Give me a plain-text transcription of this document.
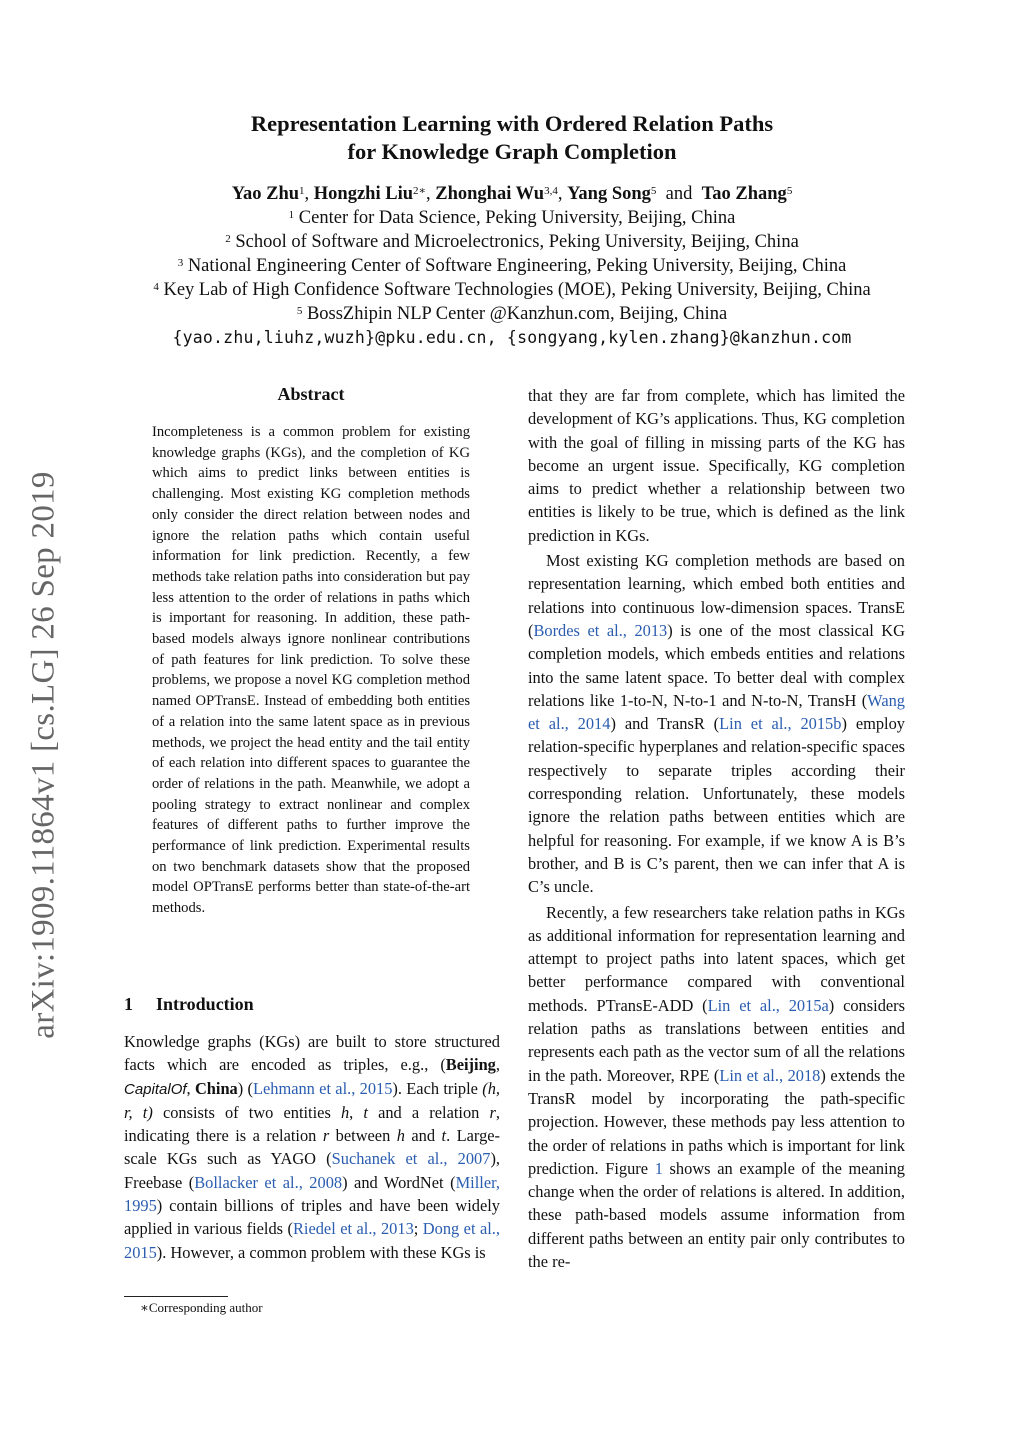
arXiv:1909.11864v1 [cs.LG] 26 Sep 2019
Representation Learning with Ordered Relation Paths
for Knowledge Graph Completion
Yao Zhu$^1$, Hongzhi Liu$^{2∗}$, Zhonghai Wu$^{3,4}$, Yang Song$^5$ and Tao Zhang$^5$
$^1$ Center for Data Science, Peking University, Beijing, China
$^2$ School of Software and Microelectronics, Peking University, Beijing, China
$^3$ National Engineering Center of Software Engineering, Peking University, Beijing, China
$^4$ Key Lab of High Confidence Software Technologies (MOE), Peking University, Beijing, China
$^5$ BossZhipin NLP Center @Kanzhun.com, Beijing, China
{yao.zhu,liuhz,wuzh}@pku.edu.cn, {songyang,kylen.zhang}@kanzhun.com
Abstract
Incompleteness is a common problem for existing knowledge graphs (KGs), and the completion of KG which aims to predict links between entities is challenging. Most existing KG completion methods only consider the direct relation between nodes and ignore the relation paths which contain useful information for link prediction. Recently, a few methods take relation paths into consideration but pay less attention to the order of relations in paths which is important for reasoning. In addition, these path-based models always ignore nonlinear contributions of path features for link prediction. To solve these problems, we propose a novel KG completion method named OPTransE. Instead of embedding both entities of a relation into the same latent space as in previous methods, we project the head entity and the tail entity of each relation into different spaces to guarantee the order of relations in the path. Meanwhile, we adopt a pooling strategy to extract nonlinear and complex features of different paths to further improve the performance of link prediction. Experimental results on two benchmark datasets show that the proposed model OPTransE performs better than state-of-the-art methods.
1 Introduction

Knowledge graphs (KGs) are built to store structured facts which are encoded as triples, e.g., (Beijing, CapitalOf, China) (Lehmann et al., 2015). Each triple (h, r, t) consists of two entities h, t and a relation r, indicating there is a relation r between h and t. Large-scale KGs such as YAGO (Suchanek et al., 2007), Freebase (Bollacker et al., 2008) and WordNet (Miller, 1995) contain billions of triples and have been widely applied in various fields (Riedel et al., 2013; Dong et al., 2015). However, a common problem with these KGs is

∗Corresponding author

that they are far from complete, which has limited the development of KG’s applications. Thus, KG completion with the goal of filling in missing parts of the KG has become an urgent issue. Specifically, KG completion aims to predict whether a relationship between two entities is likely to be true, which is defined as the link prediction in KGs.

Most existing KG completion methods are based on representation learning, which embed both entities and relations into continuous low-dimension spaces. TransE (Bordes et al., 2013) is one of the most classical KG completion models, which embeds entities and relations into the same latent space. To better deal with complex relations like 1-to-N, N-to-1 and N-to-N, TransH (Wang et al., 2014) and TransR (Lin et al., 2015b) employ relation-specific hyperplanes and relation-specific spaces respectively to separate triples according their corresponding relation. Unfortunately, these models ignore the relation paths between entities which are helpful for reasoning. For example, if we know A is B’s brother, and B is C’s parent, then we can infer that A is C’s uncle.

Recently, a few researchers take relation paths in KGs as additional information for representation learning and attempt to project paths into latent spaces, which get better performance compared with conventional methods. PTransE-ADD (Lin et al., 2015a) considers relation paths as translations between entities and represents each path as the vector sum of all the relations in the path. Moreover, RPE (Lin et al., 2018) extends the TransR model by incorporating the path-specific projection. However, these methods pay less attention to the order of relations in paths which is important for link prediction. Figure 1 shows an example of the meaning change when the order of relations is altered. In addition, these path-based models assume information from different paths between an entity pair only contributes to the re-
